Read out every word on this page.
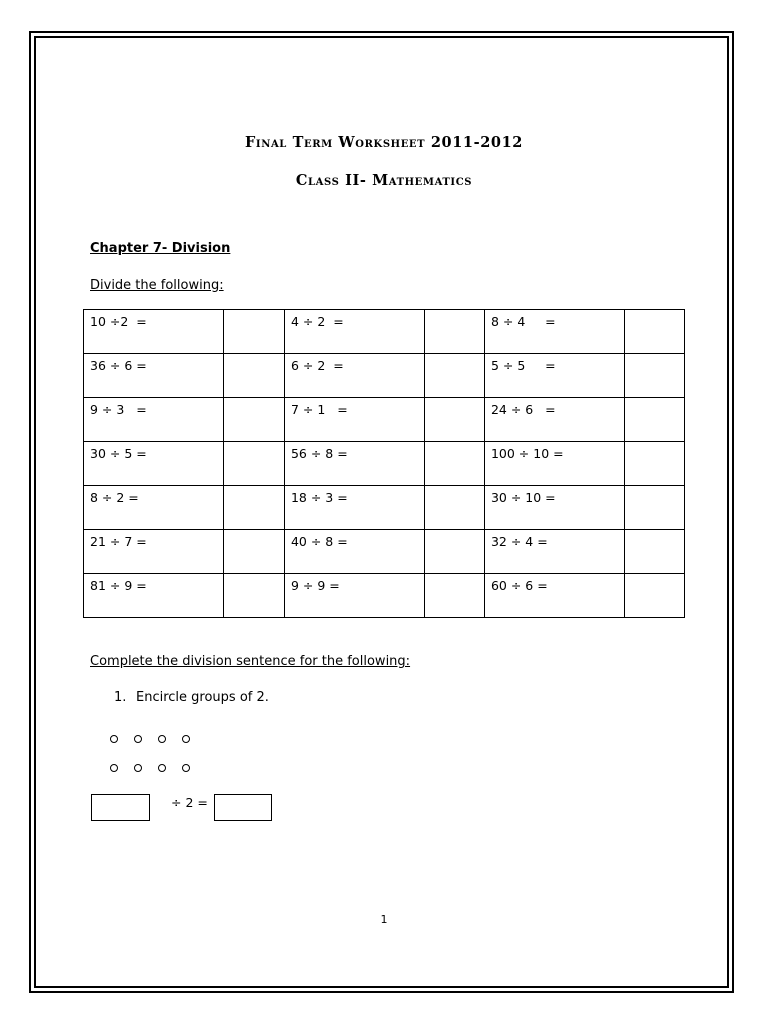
Final Term Worksheet 2011-2012
Class II- Mathematics
Chapter 7- Division
Divide the following:
10 ÷2  =		4 ÷ 2  =		8 ÷ 4     =	
36 ÷ 6 =		6 ÷ 2  =		5 ÷ 5     =	
9 ÷ 3   =		7 ÷ 1   =		24 ÷ 6   =	
30 ÷ 5 =		56 ÷ 8 =		100 ÷ 10 =	
8 ÷ 2 =		18 ÷ 3 =		30 ÷ 10 =	
21 ÷ 7 =		40 ÷ 8 =		32 ÷ 4 =	
81 ÷ 9 =		9 ÷ 9 =		60 ÷ 6 =	
Complete the division sentence for the following:
1. Encircle groups of 2.
÷ 2 =
1
